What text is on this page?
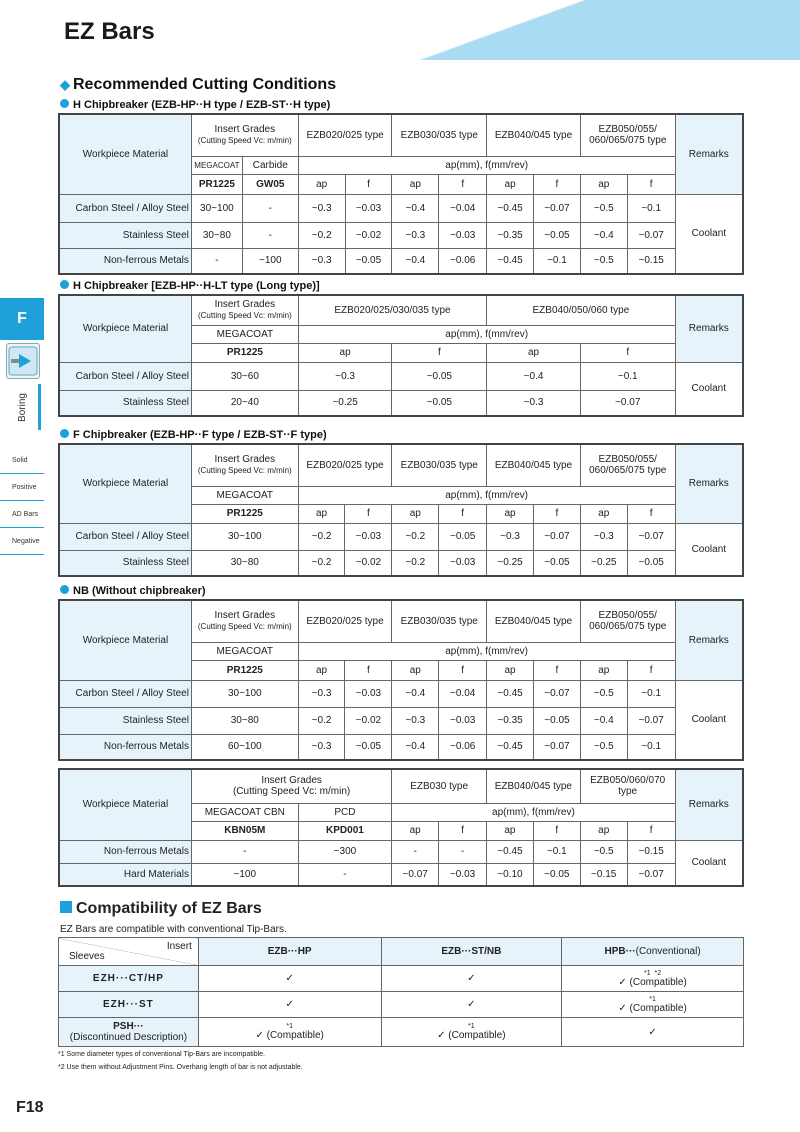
EZ Bars
F
Boring
Solid
Positive
AD Bars
Negative
◆ Recommended Cutting Conditions
H Chipbreaker (EZB-HP··H type / EZB-ST··H type)
Workpiece Material	Insert Grades
(Cutting Speed Vc: m/min)		EZB020/025 type		EZB030/035 type		EZB040/045 type		EZB050/055/ 060/065/075 type		Remarks
	MEGACOAT	Carbide	ap(mm), f(mm/rev)								
	PR1225	GW05	ap	f	ap	f	ap	f	ap	f	
Carbon Steel / Alloy Steel	30~100	-	~0.3	~0.03	~0.4	~0.04	~0.45	~0.07	~0.5	~0.1	Coolant
Stainless Steel	30~80	-	~0.2	~0.02	~0.3	~0.03	~0.35	~0.05	~0.4	~0.07	
Non-ferrous Metals	-	~100	~0.3	~0.05	~0.4	~0.06	~0.45	~0.1	~0.5	~0.15	
H Chipbreaker [EZB-HP··H-LT type (Long type)]
Workpiece Material	Insert Grades
(Cutting Speed Vc: m/min)	EZB020/025/030/035 type		EZB040/050/060 type		Remarks
	MEGACOAT	ap(mm), f(mm/rev)				
	PR1225	ap	f	ap	f	
Carbon Steel / Alloy Steel	30~60	~0.3	~0.05	~0.4	~0.1	Coolant
Stainless Steel	20~40	~0.25	~0.05	~0.3	~0.07	
F Chipbreaker (EZB-HP··F type / EZB-ST··F type)
Workpiece Material	Insert Grades
(Cutting Speed Vc: m/min)	EZB020/025 type		EZB030/035 type		EZB040/045 type		EZB050/055/ 060/065/075 type		Remarks
	MEGACOAT	ap(mm), f(mm/rev)								
	PR1225	ap	f	ap	f	ap	f	ap	f	
Carbon Steel / Alloy Steel	30~100	~0.2	~0.03	~0.2	~0.05	~0.3	~0.07	~0.3	~0.07	Coolant
Stainless Steel	30~80	~0.2	~0.02	~0.2	~0.03	~0.25	~0.05	~0.25	~0.05	
NB (Without chipbreaker)
Workpiece Material	Insert Grades
(Cutting Speed Vc: m/min)	EZB020/025 type		EZB030/035 type		EZB040/045 type		EZB050/055/ 060/065/075 type		Remarks
	MEGACOAT	ap(mm), f(mm/rev)								
	PR1225	ap	f	ap	f	ap	f	ap	f	
Carbon Steel / Alloy Steel	30~100	~0.3	~0.03	~0.4	~0.04	~0.45	~0.07	~0.5	~0.1	Coolant
Stainless Steel	30~80	~0.2	~0.02	~0.3	~0.03	~0.35	~0.05	~0.4	~0.07	
Non-ferrous Metals	60~100	~0.3	~0.05	~0.4	~0.06	~0.45	~0.07	~0.5	~0.1	
Workpiece Material	Insert Grades
(Cutting Speed Vc: m/min)		EZB030 type		EZB040/045 type		EZB050/060/070 type		Remarks
	MEGACOAT CBN	PCD	ap(mm), f(mm/rev)						
	KBN05M	KPD001	ap	f	ap	f	ap	f	
Non-ferrous Metals	-	~300	-	-	~0.45	~0.1	~0.5	~0.15	Coolant
Hard Materials	~100	-	~0.07	~0.03	~0.10	~0.05	~0.15	~0.07	
Compatibility of EZ Bars
EZ Bars are compatible with conventional Tip-Bars.
Insert
Sleeves	EZB···HP	EZB···ST/NB	HPB···(Conventional)
EZH···CT/HP	✓	✓	*1 *2
✓ (Compatible)
EZH···ST	✓	✓	*1
✓ (Compatible)
PSH···
(Discontinued Description)	*1
✓ (Compatible)	*1
✓ (Compatible)	✓
*1 Some diameter types of conventional Tip-Bars are incompatible.
*2 Use them without Adjustment Pins. Overhang length of bar is not adjustable.
F18
